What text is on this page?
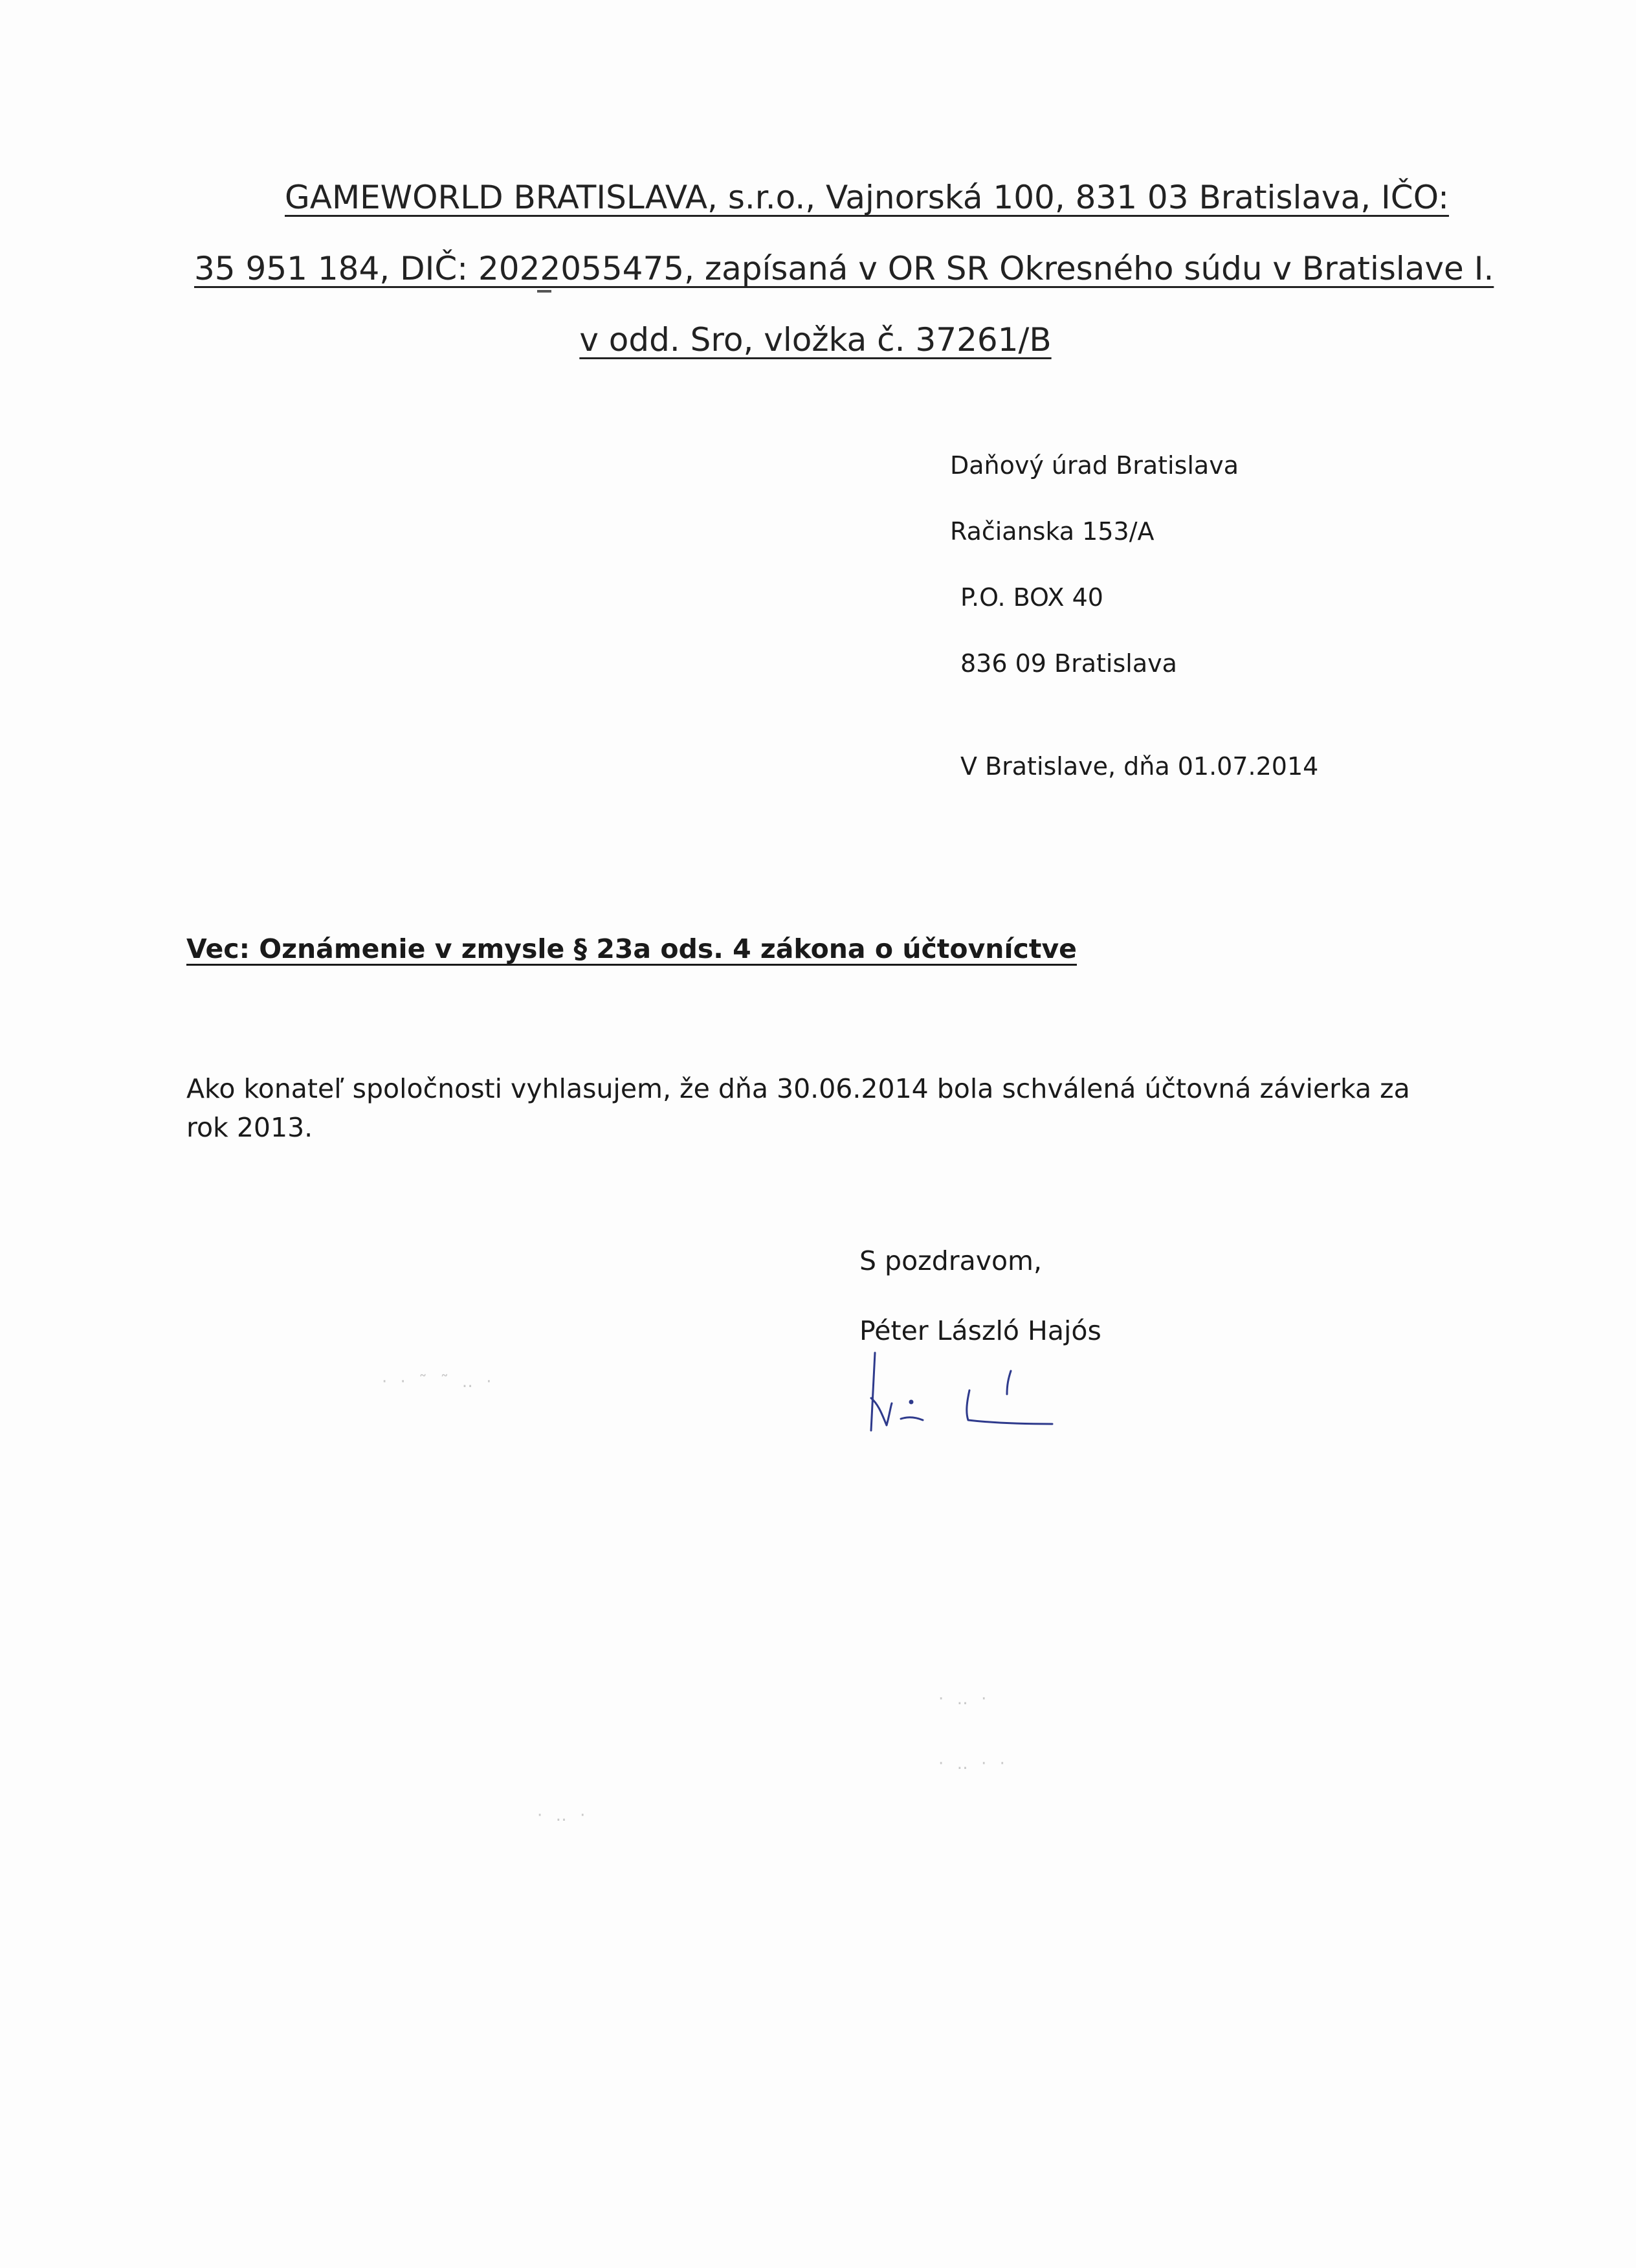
GAMEWORLD BRATISLAVA, s.r.o., Vajnorská 100, 831 03 Bratislava, IČO:
35 951 184, DIČ: 2022055475, zapísaná v OR SR Okresného súdu v Bratislave I.
v odd. Sro, vložka č. 37261/B
Daňový úrad Bratislava
Račianska 153/A
P.O. BOX 40
836 09 Bratislava
V Bratislave, dňa 01.07.2014
Vec: Oznámenie v zmysle § 23a ods. 4 zákona o účtovníctve
Ako konateľ spoločnosti vyhlasujem, že dňa 30.06.2014 bola schválená účtovná závierka za rok 2013.
S pozdravom,
Péter László Hajós
· · ˜ ˜ ‥ ·
· ‥ ·
· ‥ · ·
· ‥ ·
